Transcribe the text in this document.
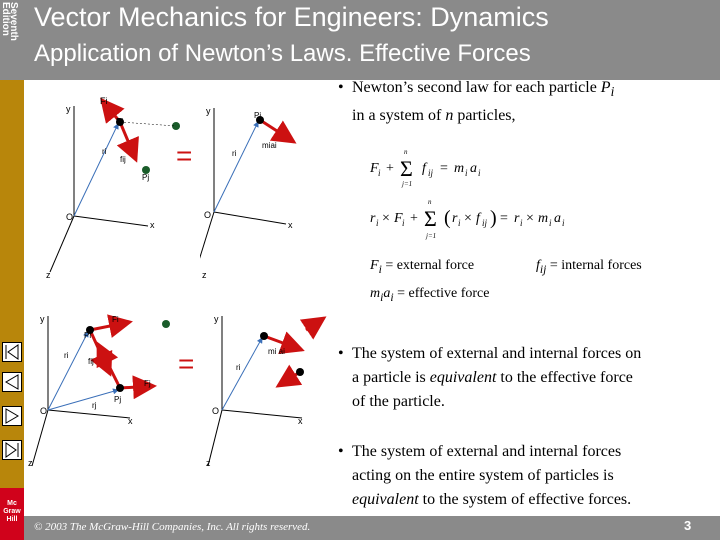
Seventh
Edition Vector Mechanics for Engineers: Dynamics
Application of Newton’s Laws. Effective Forces
y
x
z
O
Fi
Pi
ri
fij
Pj
=
y
x
z
O
Pi
ri
miai
y
x
z
O
Fi
Pi
ri
fij
Fj
Pj
rj
=
y
x
z
O
ri
mi ai
• Newton’s second law for each particle $P_i$
in a system of n particles,
F i + Σ
n
j=1
f ij = m i a i
r i × F i + Σ
n
j=1
( r i × f ij ) = r i × m i a i
$F_i$ = external force	$f_{ij}$ = internal forces
$m_ia_i$ = effective force
• The system of external and internal forces on
a particle is equivalent to the effective force
of the particle.
• The system of external and internal forces
acting on the entire system of particles is
equivalent to the system of effective forces.
© 2003 The McGraw-Hill Companies, Inc. All rights reserved.	3
Mc
Graw
Hill
